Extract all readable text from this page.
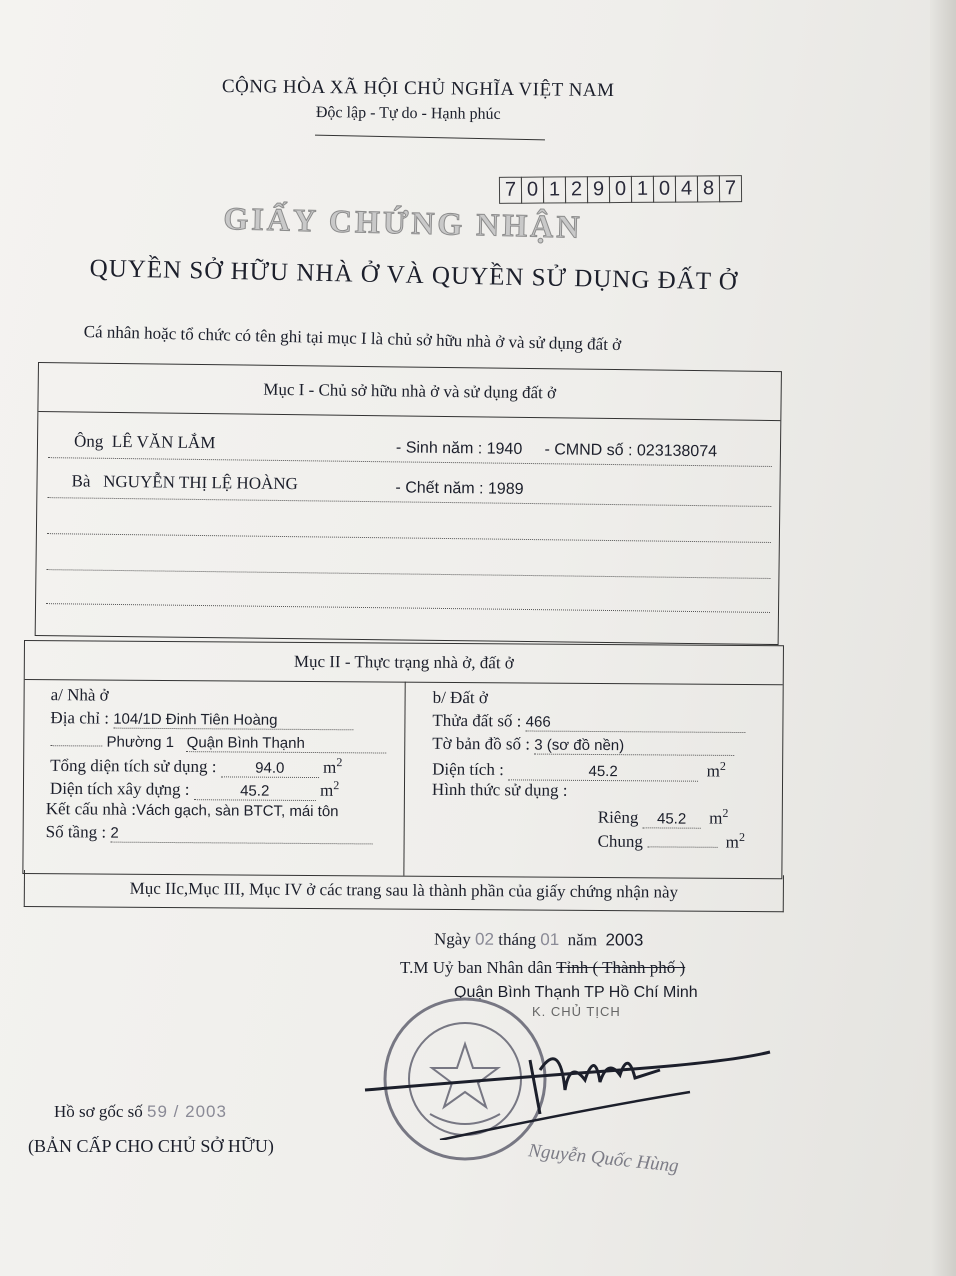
CỘNG HÒA XÃ HỘI CHỦ NGHĨA VIỆT NAM
Độc lập - Tự do - Hạnh phúc
7 0 1 2 9 0 1 0 4 8 7
GIẤY CHỨNG NHẬN
QUYỀN SỞ HỮU NHÀ Ở VÀ QUYỀN SỬ DỤNG ĐẤT Ở
Cá nhân hoặc tổ chức có tên ghi tại mục I là chủ sở hữu nhà ở và sử dụng đất ở
Mục I - Chủ sở hữu nhà ở và sử dụng đất ở
Ông LÊ VĂN LẮM	- Sinh năm : 1940 - CMND số : 023138074
Bà NGUYỄN THỊ LỆ HOÀNG	- Chết năm : 1989
Mục II - Thực trạng nhà ở, đất ở
a/ Nhà ở
Địa chỉ : 104/1D Đinh Tiên Hoàng
Phường 1 Quận Bình Thạnh
Tổng diện tích sử dụng :	94.0 $m^2$
Diện tích xây dựng :	45.2	$m^2$
Kết cấu nhà :Vách gạch, sàn BTCT, mái tôn
Số tầng : 2
b/ Đất ở
Thửa đất số : 466
Tờ bản đồ số : 3 (sơ đồ nền)
Diện tích :	45.2	$m^2$
Hình thức sử dụng :
Riêng 45.2 $m^2$
Chung	$m^2$
Mục IIc,Mục III, Mục IV ở các trang sau là thành phần của giấy chứng nhận này
Ngày 02 tháng 01 năm 2003
T.M Uỷ ban Nhân dân Tỉnh ( Thành phố )
Quận Bình Thạnh TP Hồ Chí Minh
K. CHỦ TỊCH
Nguyễn Quốc Hùng
Hồ sơ gốc số 59 / 2003
(BẢN CẤP CHO CHỦ SỞ HỮU)
